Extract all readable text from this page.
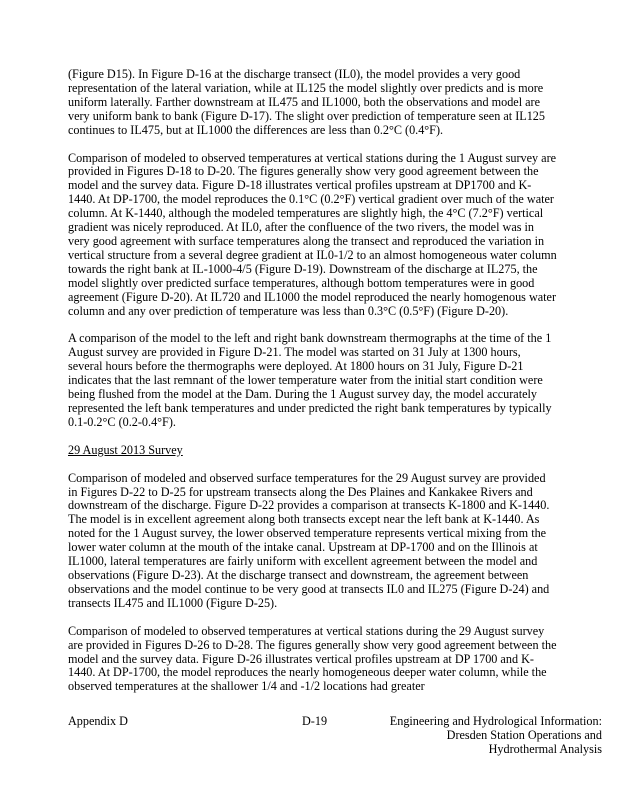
(Figure D15). In Figure D-16 at the discharge transect (IL0), the model provides a very good representation of the lateral variation, while at IL125 the model slightly over predicts and is more uniform laterally. Farther downstream at IL475 and IL1000, both the observations and model are very uniform bank to bank (Figure D-17). The slight over prediction of temperature seen at IL125 continues to IL475, but at IL1000 the differences are less than 0.2°C (0.4°F).

Comparison of modeled to observed temperatures at vertical stations during the 1 August survey are provided in Figures D-18 to D-20. The figures generally show very good agreement between the model and the survey data. Figure D-18 illustrates vertical profiles upstream at DP1700 and K-1440. At DP-1700, the model reproduces the 0.1°C (0.2°F) vertical gradient over much of the water column. At K-1440, although the modeled temperatures are slightly high, the 4°C (7.2°F) vertical gradient was nicely reproduced. At IL0, after the confluence of the two rivers, the model was in very good agreement with surface temperatures along the transect and reproduced the variation in vertical structure from a several degree gradient at IL0-1/2 to an almost homogeneous water column towards the right bank at IL-1000-4/5 (Figure D-19). Downstream of the discharge at IL275, the model slightly over predicted surface temperatures, although bottom temperatures were in good agreement (Figure D-20). At IL720 and IL1000 the model reproduced the nearly homogenous water column and any over prediction of temperature was less than 0.3°C (0.5°F) (Figure D-20).

A comparison of the model to the left and right bank downstream thermographs at the time of the 1 August survey are provided in Figure D-21. The model was started on 31 July at 1300 hours, several hours before the thermographs were deployed. At 1800 hours on 31 July, Figure D-21 indicates that the last remnant of the lower temperature water from the initial start condition were being flushed from the model at the Dam. During the 1 August survey day, the model accurately represented the left bank temperatures and under predicted the right bank temperatures by typically 0.1-0.2°C (0.2-0.4°F).

29 August 2013 Survey

Comparison of modeled and observed surface temperatures for the 29 August survey are provided in Figures D-22 to D-25 for upstream transects along the Des Plaines and Kankakee Rivers and downstream of the discharge. Figure D-22 provides a comparison at transects K-1800 and K-1440. The model is in excellent agreement along both transects except near the left bank at K-1440. As noted for the 1 August survey, the lower observed temperature represents vertical mixing from the lower water column at the mouth of the intake canal. Upstream at DP-1700 and on the Illinois at IL1000, lateral temperatures are fairly uniform with excellent agreement between the model and observations (Figure D-23). At the discharge transect and downstream, the agreement between observations and the model continue to be very good at transects IL0 and IL275 (Figure D-24) and transects IL475 and IL1000 (Figure D-25).

Comparison of modeled to observed temperatures at vertical stations during the 29 August survey are provided in Figures D-26 to D-28. The figures generally show very good agreement between the model and the survey data. Figure D-26 illustrates vertical profiles upstream at DP 1700 and K-1440. At DP-1700, the model reproduces the nearly homogeneous deeper water column, while the observed temperatures at the shallower 1/4 and -1/2 locations had greater

Appendix D	D-19	Engineering and Hydrological Information:
Dresden Station Operations and
Hydrothermal Analysis
